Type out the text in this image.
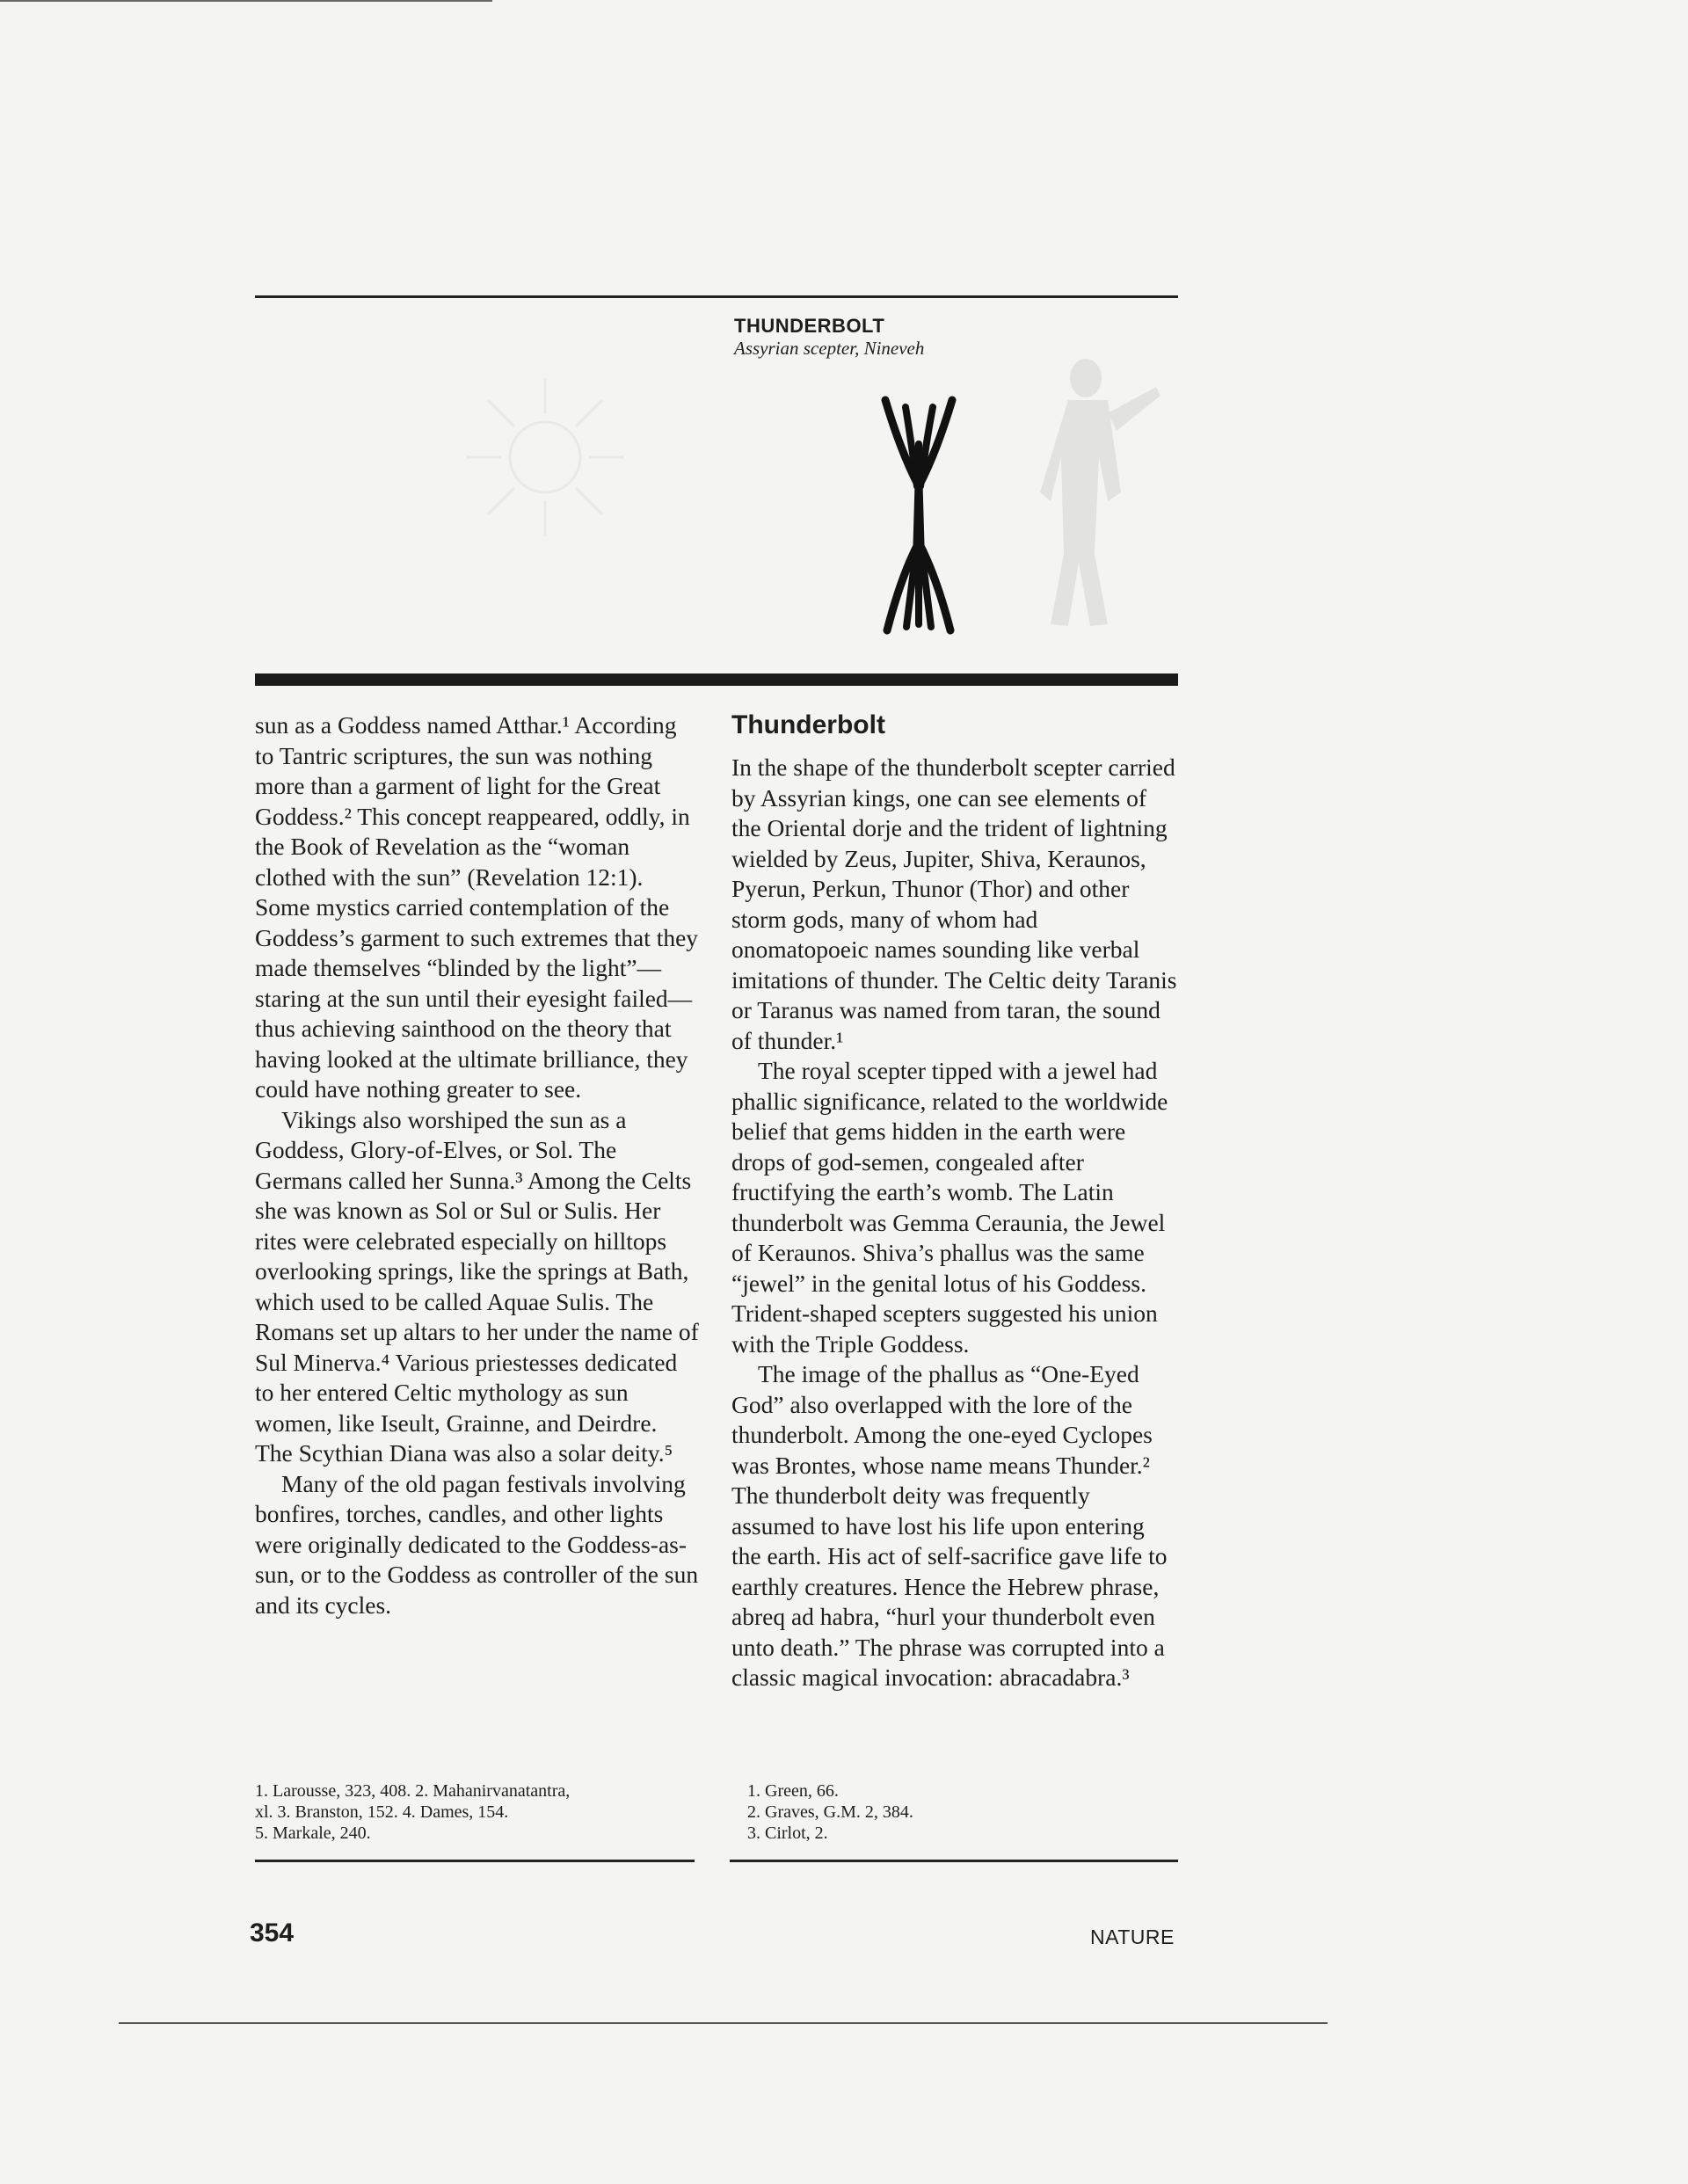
THUNDERBOLT
Assyrian scepter, Nineveh

sun as a Goddess named Atthar.¹ According to Tantric scriptures, the sun was nothing more than a garment of light for the Great Goddess.² This concept reappeared, oddly, in the Book of Revelation as the “woman clothed with the sun” (Revelation 12:1). Some mystics carried contemplation of the Goddess’s garment to such extremes that they made themselves “blinded by the light”—staring at the sun until their eyesight failed—thus achieving sainthood on the theory that having looked at the ultimate brilliance, they could have nothing greater to see.

Vikings also worshiped the sun as a Goddess, Glory-of-Elves, or Sol. The Germans called her Sunna.³ Among the Celts she was known as Sol or Sul or Sulis. Her rites were celebrated especially on hilltops overlooking springs, like the springs at Bath, which used to be called Aquae Sulis. The Romans set up altars to her under the name of Sul Minerva.⁴ Various priestesses dedicated to her entered Celtic mythology as sun women, like Iseult, Grainne, and Deirdre. The Scythian Diana was also a solar deity.⁵

Many of the old pagan festivals involving bonfires, torches, candles, and other lights were originally dedicated to the Goddess-as-sun, or to the Goddess as controller of the sun and its cycles.

Thunderbolt

In the shape of the thunderbolt scepter carried by Assyrian kings, one can see elements of the Oriental dorje and the trident of lightning wielded by Zeus, Jupiter, Shiva, Keraunos, Pyerun, Perkun, Thunor (Thor) and other storm gods, many of whom had onomatopoeic names sounding like verbal imitations of thunder. The Celtic deity Taranis or Taranus was named from taran, the sound of thunder.¹

The royal scepter tipped with a jewel had phallic significance, related to the worldwide belief that gems hidden in the earth were drops of god-semen, congealed after fructifying the earth’s womb. The Latin thunderbolt was Gemma Ceraunia, the Jewel of Keraunos. Shiva’s phallus was the same “jewel” in the genital lotus of his Goddess. Trident-shaped scepters suggested his union with the Triple Goddess.

The image of the phallus as “One-Eyed God” also overlapped with the lore of the thunderbolt. Among the one-eyed Cyclopes was Brontes, whose name means Thunder.² The thunderbolt deity was frequently assumed to have lost his life upon entering the earth. His act of self-sacrifice gave life to earthly creatures. Hence the Hebrew phrase, abreq ad habra, “hurl your thunderbolt even unto death.” The phrase was corrupted into a classic magical invocation: abracadabra.³

1. Larousse, 323, 408. 2. Mahanirvanatantra,
xl. 3. Branston, 152. 4. Dames, 154.
5. Markale, 240.
1. Green, 66.
2. Graves, G.M. 2, 384.
3. Cirlot, 2.
354	NATURE
